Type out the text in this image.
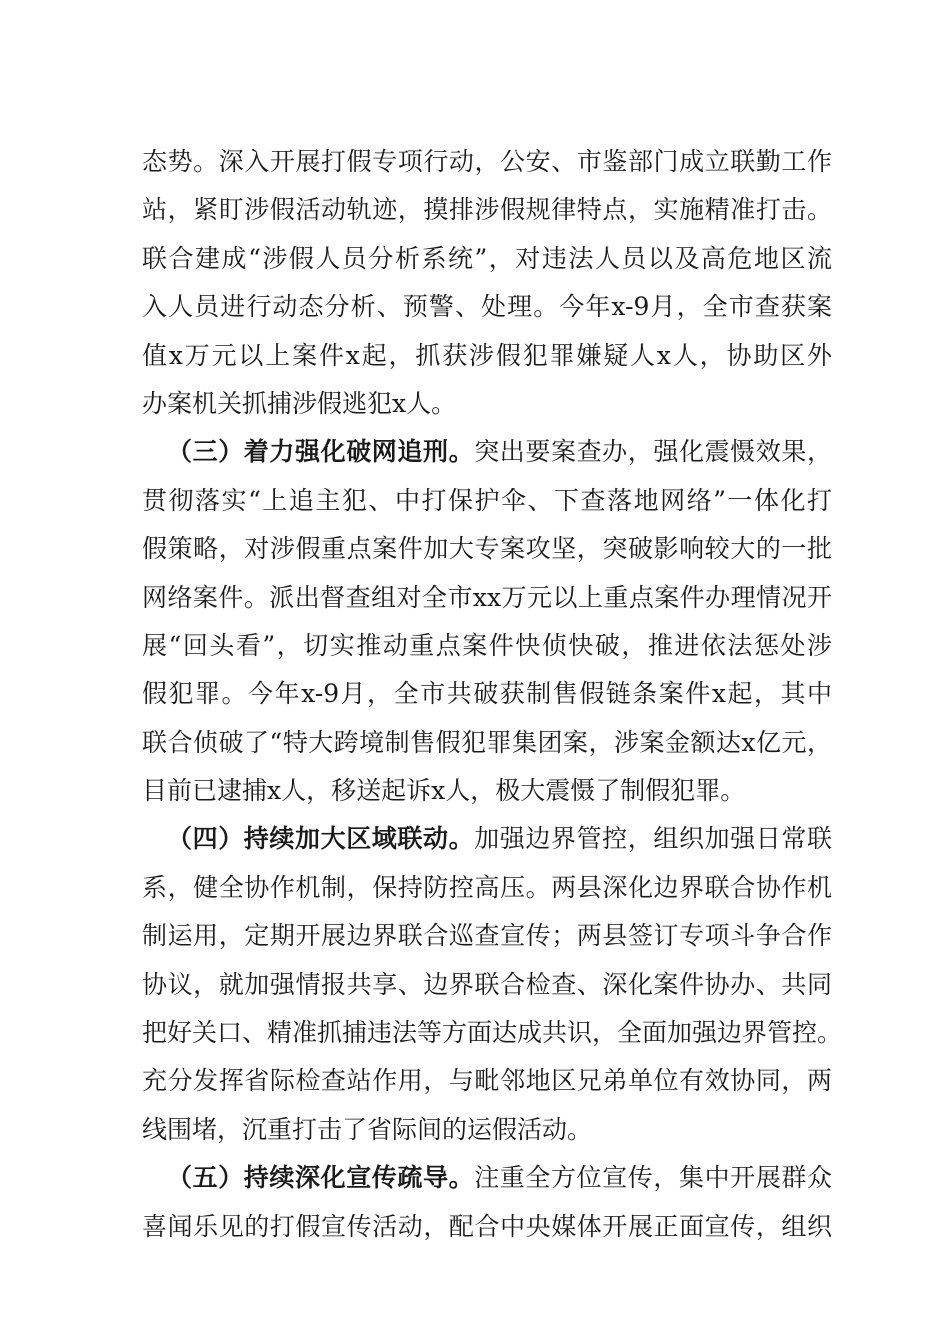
态势。深入开展打假专项行动，公安、市鉴部门成立联勤工作
站，紧盯涉假活动轨迹，摸排涉假规律特点，实施精准打击。
联合建成“涉假人员分析系统”，对违法人员以及高危地区流
入人员进行动态分析、预警、处理。今年x-9月，全市查获案
值x万元以上案件x起，抓获涉假犯罪嫌疑人x人，协助区外
办案机关抓捕涉假逃犯x人。
（三）着力强化破网追刑。突出要案查办，强化震慑效果，
贯彻落实“上追主犯、中打保护伞、下查落地网络”一体化打
假策略，对涉假重点案件加大专案攻坚，突破影响较大的一批
网络案件。派出督查组对全市xx万元以上重点案件办理情况开
展“回头看”，切实推动重点案件快侦快破，推进依法惩处涉
假犯罪。今年x-9月，全市共破获制售假链条案件x起，其中
联合侦破了“特大跨境制售假犯罪集团案，涉案金额达x亿元，
目前已逮捕x人，移送起诉x人，极大震慑了制假犯罪。
（四）持续加大区域联动。加强边界管控，组织加强日常联
系，健全协作机制，保持防控高压。两县深化边界联合协作机
制运用，定期开展边界联合巡查宣传；两县签订专项斗争合作
协议，就加强情报共享、边界联合检查、深化案件协办、共同
把好关口、精准抓捕违法等方面达成共识，全面加强边界管控。
充分发挥省际检查站作用，与毗邻地区兄弟单位有效协同，两
线围堵，沉重打击了省际间的运假活动。
（五）持续深化宣传疏导。注重全方位宣传，集中开展群众
喜闻乐见的打假宣传活动，配合中央媒体开展正面宣传，组织
